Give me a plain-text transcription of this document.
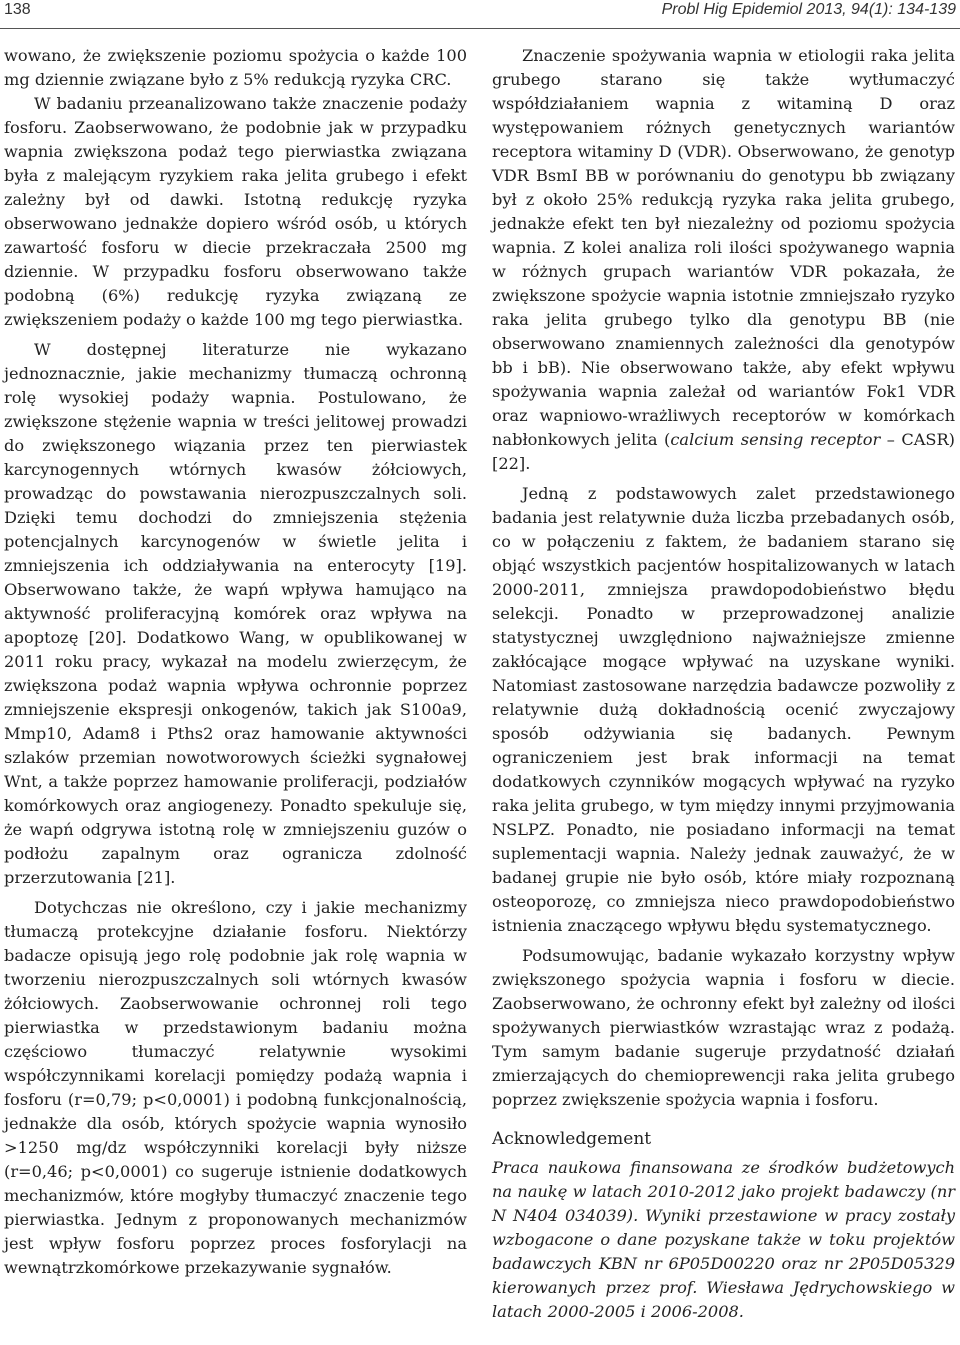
138	Probl Hig Epidemiol 2013, 94(1): 134-139

wowano, że zwiększenie poziomu spożycia o każde 100 mg dziennie związane było z 5% redukcją ryzyka CRC.

W badaniu przeanalizowano także znaczenie podaży fosforu. Zaobserwowano, że podobnie jak w przypadku wapnia zwiększona podaż tego pierwiastka związana była z malejącym ryzykiem raka jelita grubego i efekt zależny był od dawki. Istotną redukcję ryzyka obserwowano jednakże dopiero wśród osób, u których zawartość fosforu w diecie przekraczała 2500 mg dziennie. W przypadku fosforu obserwowano także podobną (6%) redukcję ryzyka związaną ze zwiększeniem podaży o każde 100 mg tego pierwiastka.

W dostępnej literaturze nie wykazano jednoznacznie, jakie mechanizmy tłumaczą ochronną rolę wysokiej podaży wapnia. Postulowano, że zwiększone stężenie wapnia w treści jelitowej prowadzi do zwiększonego wiązania przez ten pierwiastek karcynogennych wtórnych kwasów żółciowych, prowadząc do powstawania nierozpuszczalnych soli. Dzięki temu dochodzi do zmniejszenia stężenia potencjalnych karcynogenów w świetle jelita i zmniejszenia ich oddziaływania na enterocyty [19]. Obserwowano także, że wapń wpływa hamująco na aktywność proliferacyjną komórek oraz wpływa na apoptozę [20]. Dodatkowo Wang, w opublikowanej w 2011 roku pracy, wykazał na modelu zwierzęcym, że zwiększona podaż wapnia wpływa ochronnie poprzez zmniejszenie ekspresji onkogenów, takich jak S100a9, Mmp10, Adam8 i Pths2 oraz hamowanie aktywności szlaków przemian nowotworowych ścieżki sygnałowej Wnt, a także poprzez hamowanie proliferacji, podziałów komórkowych oraz angiogenezy. Ponadto spekuluje się, że wapń odgrywa istotną rolę w zmniejszeniu guzów o podłożu zapalnym oraz ogranicza zdolność przerzutowania [21].

Dotychczas nie określono, czy i jakie mechanizmy tłumaczą protekcyjne działanie fosforu. Niektórzy badacze opisują jego rolę podobnie jak rolę wapnia w tworzeniu nierozpuszczalnych soli wtórnych kwasów żółciowych. Zaobserwowanie ochronnej roli tego pierwiastka w przedstawionym badaniu można częściowo tłumaczyć relatywnie wysokimi współczynnikami korelacji pomiędzy podażą wapnia i fosforu (r=0,79; p<0,0001) i podobną funkcjonalnością, jednakże dla osób, których spożycie wapnia wynosiło >1250 mg/dz współczynniki korelacji były niższe (r=0,46; p<0,0001) co sugeruje istnienie dodatkowych mechanizmów, które mogłyby tłumaczyć znaczenie tego pierwiastka. Jednym z proponowanych mechanizmów jest wpływ fosforu poprzez proces fosforylacji na wewnątrzkomórkowe przekazywanie sygnałów.

Znaczenie spożywania wapnia w etiologii raka jelita grubego starano się także wytłumaczyć współdziałaniem wapnia z witaminą D oraz występowaniem różnych genetycznych wariantów receptora witaminy D (VDR). Obserwowano, że genotyp VDR BsmI BB w porównaniu do genotypu bb związany był z około 25% redukcją ryzyka raka jelita grubego, jednakże efekt ten był niezależny od poziomu spożycia wapnia. Z kolei analiza roli ilości spożywanego wapnia w różnych grupach wariantów VDR pokazała, że zwiększone spożycie wapnia istotnie zmniejszało ryzyko raka jelita grubego tylko dla genotypu BB (nie obserwowano znamiennych zależności dla genotypów bb i bB). Nie obserwowano także, aby efekt wpływu spożywania wapnia zależał od wariantów Fok1 VDR oraz wapniowo-wrażliwych receptorów w komórkach nabłonkowych jelita (calcium sensing receptor – CASR) [22].

Jedną z podstawowych zalet przedstawionego badania jest relatywnie duża liczba przebadanych osób, co w połączeniu z faktem, że badaniem starano się objąć wszystkich pacjentów hospitalizowanych w latach 2000-2011, zmniejsza prawdopodobieństwo błędu selekcji. Ponadto w przeprowadzonej analizie statystycznej uwzględniono najważniejsze zmienne zakłócające mogące wpływać na uzyskane wyniki. Natomiast zastosowane narzędzia badawcze pozwoliły z relatywnie dużą dokładnością ocenić zwyczajowy sposób odżywiania się badanych. Pewnym ograniczeniem jest brak informacji na temat dodatkowych czynników mogących wpływać na ryzyko raka jelita grubego, w tym między innymi przyjmowania NSLPZ. Ponadto, nie posiadano informacji na temat suplementacji wapnia. Należy jednak zauważyć, że w badanej grupie nie było osób, które miały rozpoznaną osteoporozę, co zmniejsza nieco prawdopodobieństwo istnienia znaczącego wpływu błędu systematycznego.

Podsumowując, badanie wykazało korzystny wpływ zwiększonego spożycia wapnia i fosforu w diecie. Zaobserwowano, że ochronny efekt był zależny od ilości spożywanych pierwiastków wzrastając wraz z podażą. Tym samym badanie sugeruje przydatność działań zmierzających do chemioprewencji raka jelita grubego poprzez zwiększenie spożycia wapnia i fosforu.

Acknowledgement

Praca naukowa finansowana ze środków budżetowych na naukę w latach 2010-2012 jako projekt badawczy (nr N N404 034039). Wyniki przestawione w pracy zostały wzbogacone o dane pozyskane także w toku projektów badawczych KBN nr 6P05D00220 oraz nr 2P05D05329 kierowanych przez prof. Wiesława Jędrychowskiego w latach 2000-2005 i 2006-2008.
